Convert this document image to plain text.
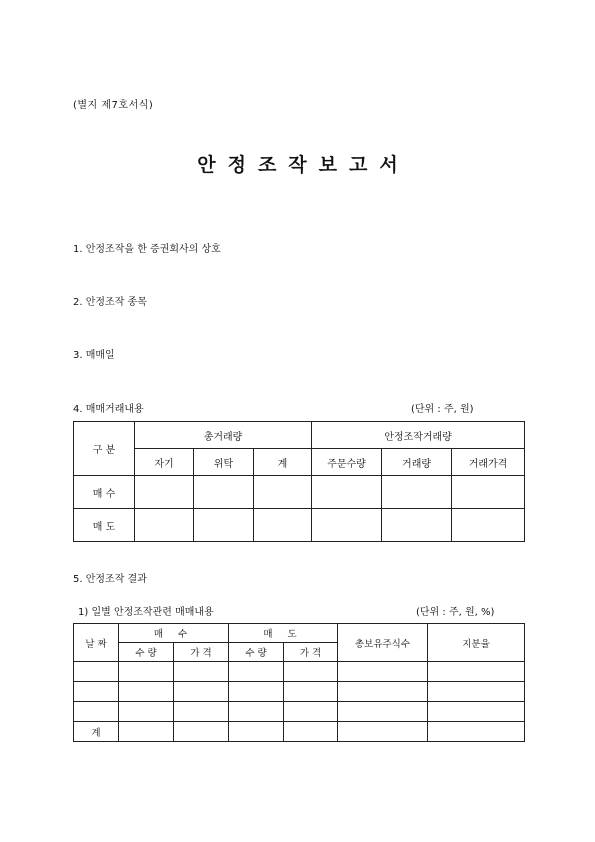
(별지 제7호서식)
안정조작보고서
1. 안정조작을 한 증권회사의 상호
2. 안정조작 종목
3. 매매일
4. 매매거래내용	(단위 : 주, 원)
구 분	총거래량			안정조작거래량		
	자기	위탁	계	주문수량	거래량	거래가격
매 수						
매 도						
5. 안정조작 결과
1) 일별 안정조작관련 매매내용	(단위 : 주, 원, %)
날 짜	매 수		매 도		총보유주식수	지분율
	수 량	가 격	수 량	가 격		

계						
